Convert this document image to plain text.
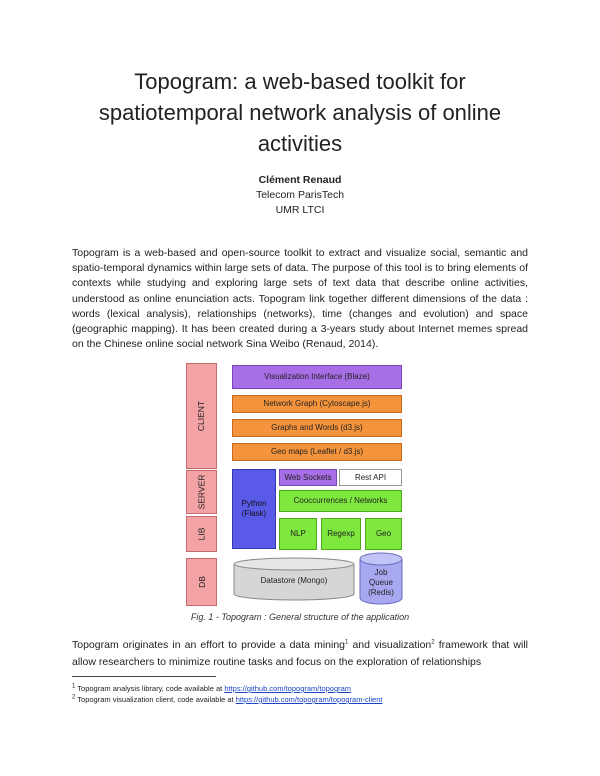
Topogram: a web-based toolkit for spatiotemporal network analysis of online activities
Clément Renaud
Telecom ParisTech
UMR LTCI
Topogram is a web-based and open-source toolkit to extract and visualize social, semantic and spatio-temporal dynamics within large sets of data. The purpose of this tool is to bring elements of contexts while studying and exploring large sets of text data that describe online activities, understood as online enunciation acts. Topogram link together different dimensions of the data : words (lexical analysis), relationships (networks), time (changes and evolution) and space (geographic mapping). It has been created during a 3-years study about Internet memes spread on the Chinese online social network Sina Weibo (Renaud, 2014).
CLIENT
SERVER
LIB
DB
Visualization Interface (Blaze)
Network Graph (Cytoscape.js)
Graphs and Words (d3.js)
Geo maps (Leaflet / d3.js)
Python (Flask)
Web Sockets	Rest API
Cooccurrences / Networks
NLP	Regexp	Geo
Datastore (Mongo)
Job Queue (Redis)
Fig. 1 - Topogram : General structure of the application
Topogram originates in an effort to provide a data mining$^1$ and visualization$^2$ framework that will allow researchers to minimize routine tasks and focus on the exploration of relationships
$^1$ Topogram analysis library, code available at https://github.com/topogram/topogram
$^2$ Topogram visualization client, code available at https://github.com/topogram/topogram-client
